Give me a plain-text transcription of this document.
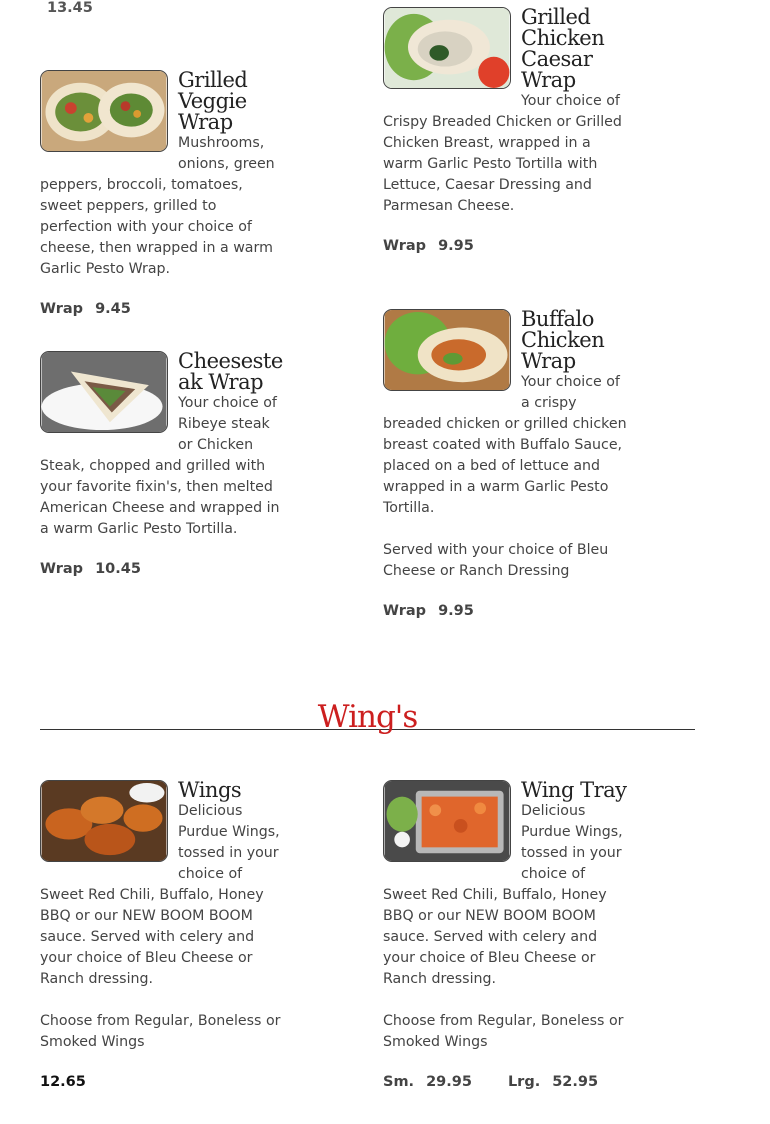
13.45
Grilled
Veggie
Wrap

Mushrooms, onions, green peppers, broccoli, tomatoes, sweet peppers, grilled to perfection with your choice of cheese, then wrapped in a warm Garlic Pesto Wrap.

Wrap 9.45
Grilled
Chicken
Caesar
Wrap

Your choice of Crispy Breaded Chicken or Grilled Chicken Breast, wrapped in a warm Garlic Pesto Tortilla with Lettuce, Caesar Dressing and Parmesan Cheese.

Wrap 9.95
Cheesesteak Wrap

Your choice of Ribeye steak or Chicken Steak, chopped and grilled with your favorite fixin's, then melted American Cheese and wrapped in a warm Garlic Pesto Tortilla.

Wrap 10.45
Buffalo
Chicken
Wrap

Your choice of a crispy breaded chicken or grilled chicken breast coated with Buffalo Sauce, placed on a bed of lettuce and wrapped in a warm Garlic Pesto Tortilla.

Served with your choice of Bleu Cheese or Ranch Dressing

Wrap 9.95
Wing's
Wings

Delicious Purdue Wings, tossed in your choice of Sweet Red Chili, Buffalo, Honey BBQ or our NEW BOOM BOOM sauce. Served with celery and your choice of Bleu Cheese or Ranch dressing.

Choose from Regular, Boneless or Smoked Wings

12.65
Wing Tray

Delicious Purdue Wings, tossed in your choice of Sweet Red Chili, Buffalo, Honey BBQ or our NEW BOOM BOOM sauce. Served with celery and your choice of Bleu Cheese or Ranch dressing.

Choose from Regular, Boneless or Smoked Wings

Sm. 29.95 Lrg. 52.95
